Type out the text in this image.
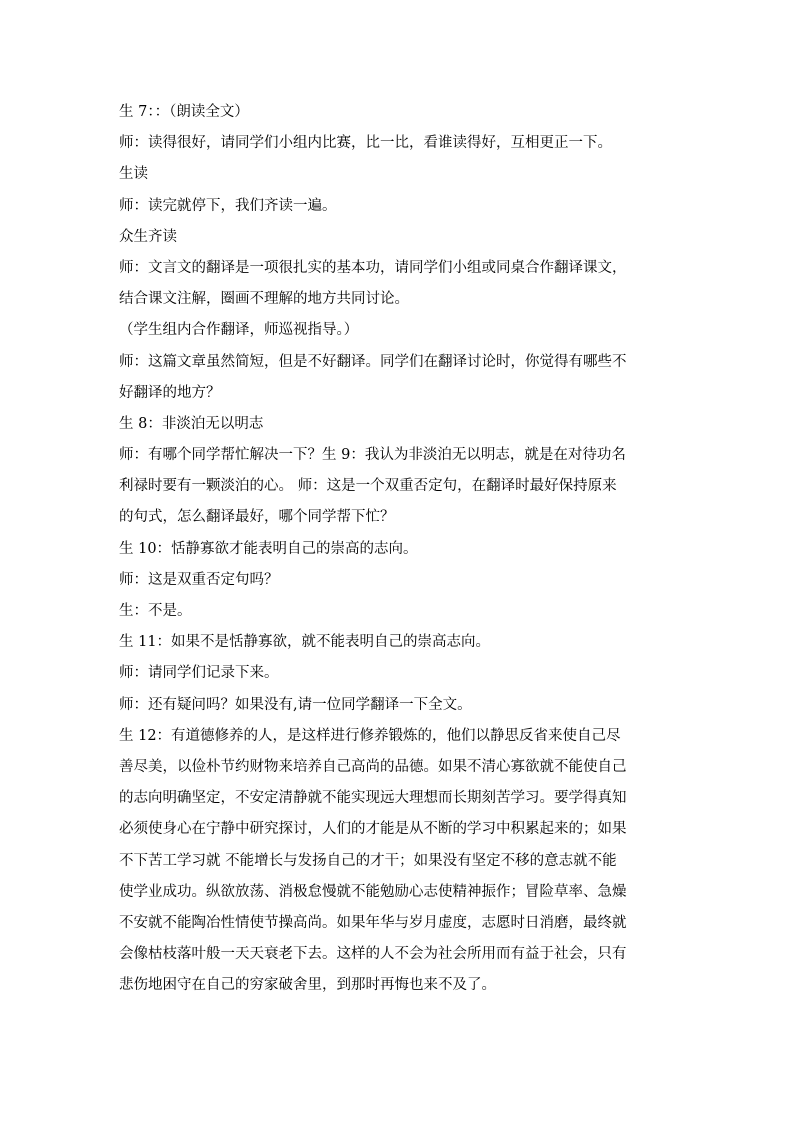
生 7：：（朗读全文）

师：读得很好，请同学们小组内比赛，比一比，看谁读得好，互相更正一下。

生读

师：读完就停下，我们齐读一遍。

众生齐读

师：文言文的翻译是一项很扎实的基本功，请同学们小组或同桌合作翻译课文，

结合课文注解，圈画不理解的地方共同讨论。

（学生组内合作翻译，师巡视指导。）

师：这篇文章虽然简短，但是不好翻译。同学们在翻译讨论时，你觉得有哪些不

好翻译的地方？

生 8：非淡泊无以明志

师：有哪个同学帮忙解决一下？生 9：我认为非淡泊无以明志，就是在对待功名

利禄时要有一颗淡泊的心。 师：这是一个双重否定句，在翻译时最好保持原来

的句式，怎么翻译最好，哪个同学帮下忙？

生 10：恬静寡欲才能表明自己的崇高的志向。

师：这是双重否定句吗？

生：不是。

生 11：如果不是恬静寡欲，就不能表明自己的崇高志向。

师：请同学们记录下来。

师：还有疑问吗？如果没有,请一位同学翻译一下全文。

生 12：有道德修养的人，是这样进行修养锻炼的，他们以静思反省来使自己尽

善尽美，以俭朴节约财物来培养自己高尚的品德。如果不清心寡欲就不能使自己

的志向明确坚定，不安定清静就不能实现远大理想而长期刻苦学习。要学得真知

必须使身心在宁静中研究探讨，人们的才能是从不断的学习中积累起来的；如果

不下苦工学习就 不能增长与发扬自己的才干；如果没有坚定不移的意志就不能

使学业成功。纵欲放荡、消极怠慢就不能勉励心志使精神振作；冒险草率、急燥

不安就不能陶冶性情使节操高尚。如果年华与岁月虚度，志愿时日消磨，最终就

会像枯枝落叶般一天天衰老下去。这样的人不会为社会所用而有益于社会，只有

悲伤地困守在自己的穷家破舍里，到那时再悔也来不及了。
